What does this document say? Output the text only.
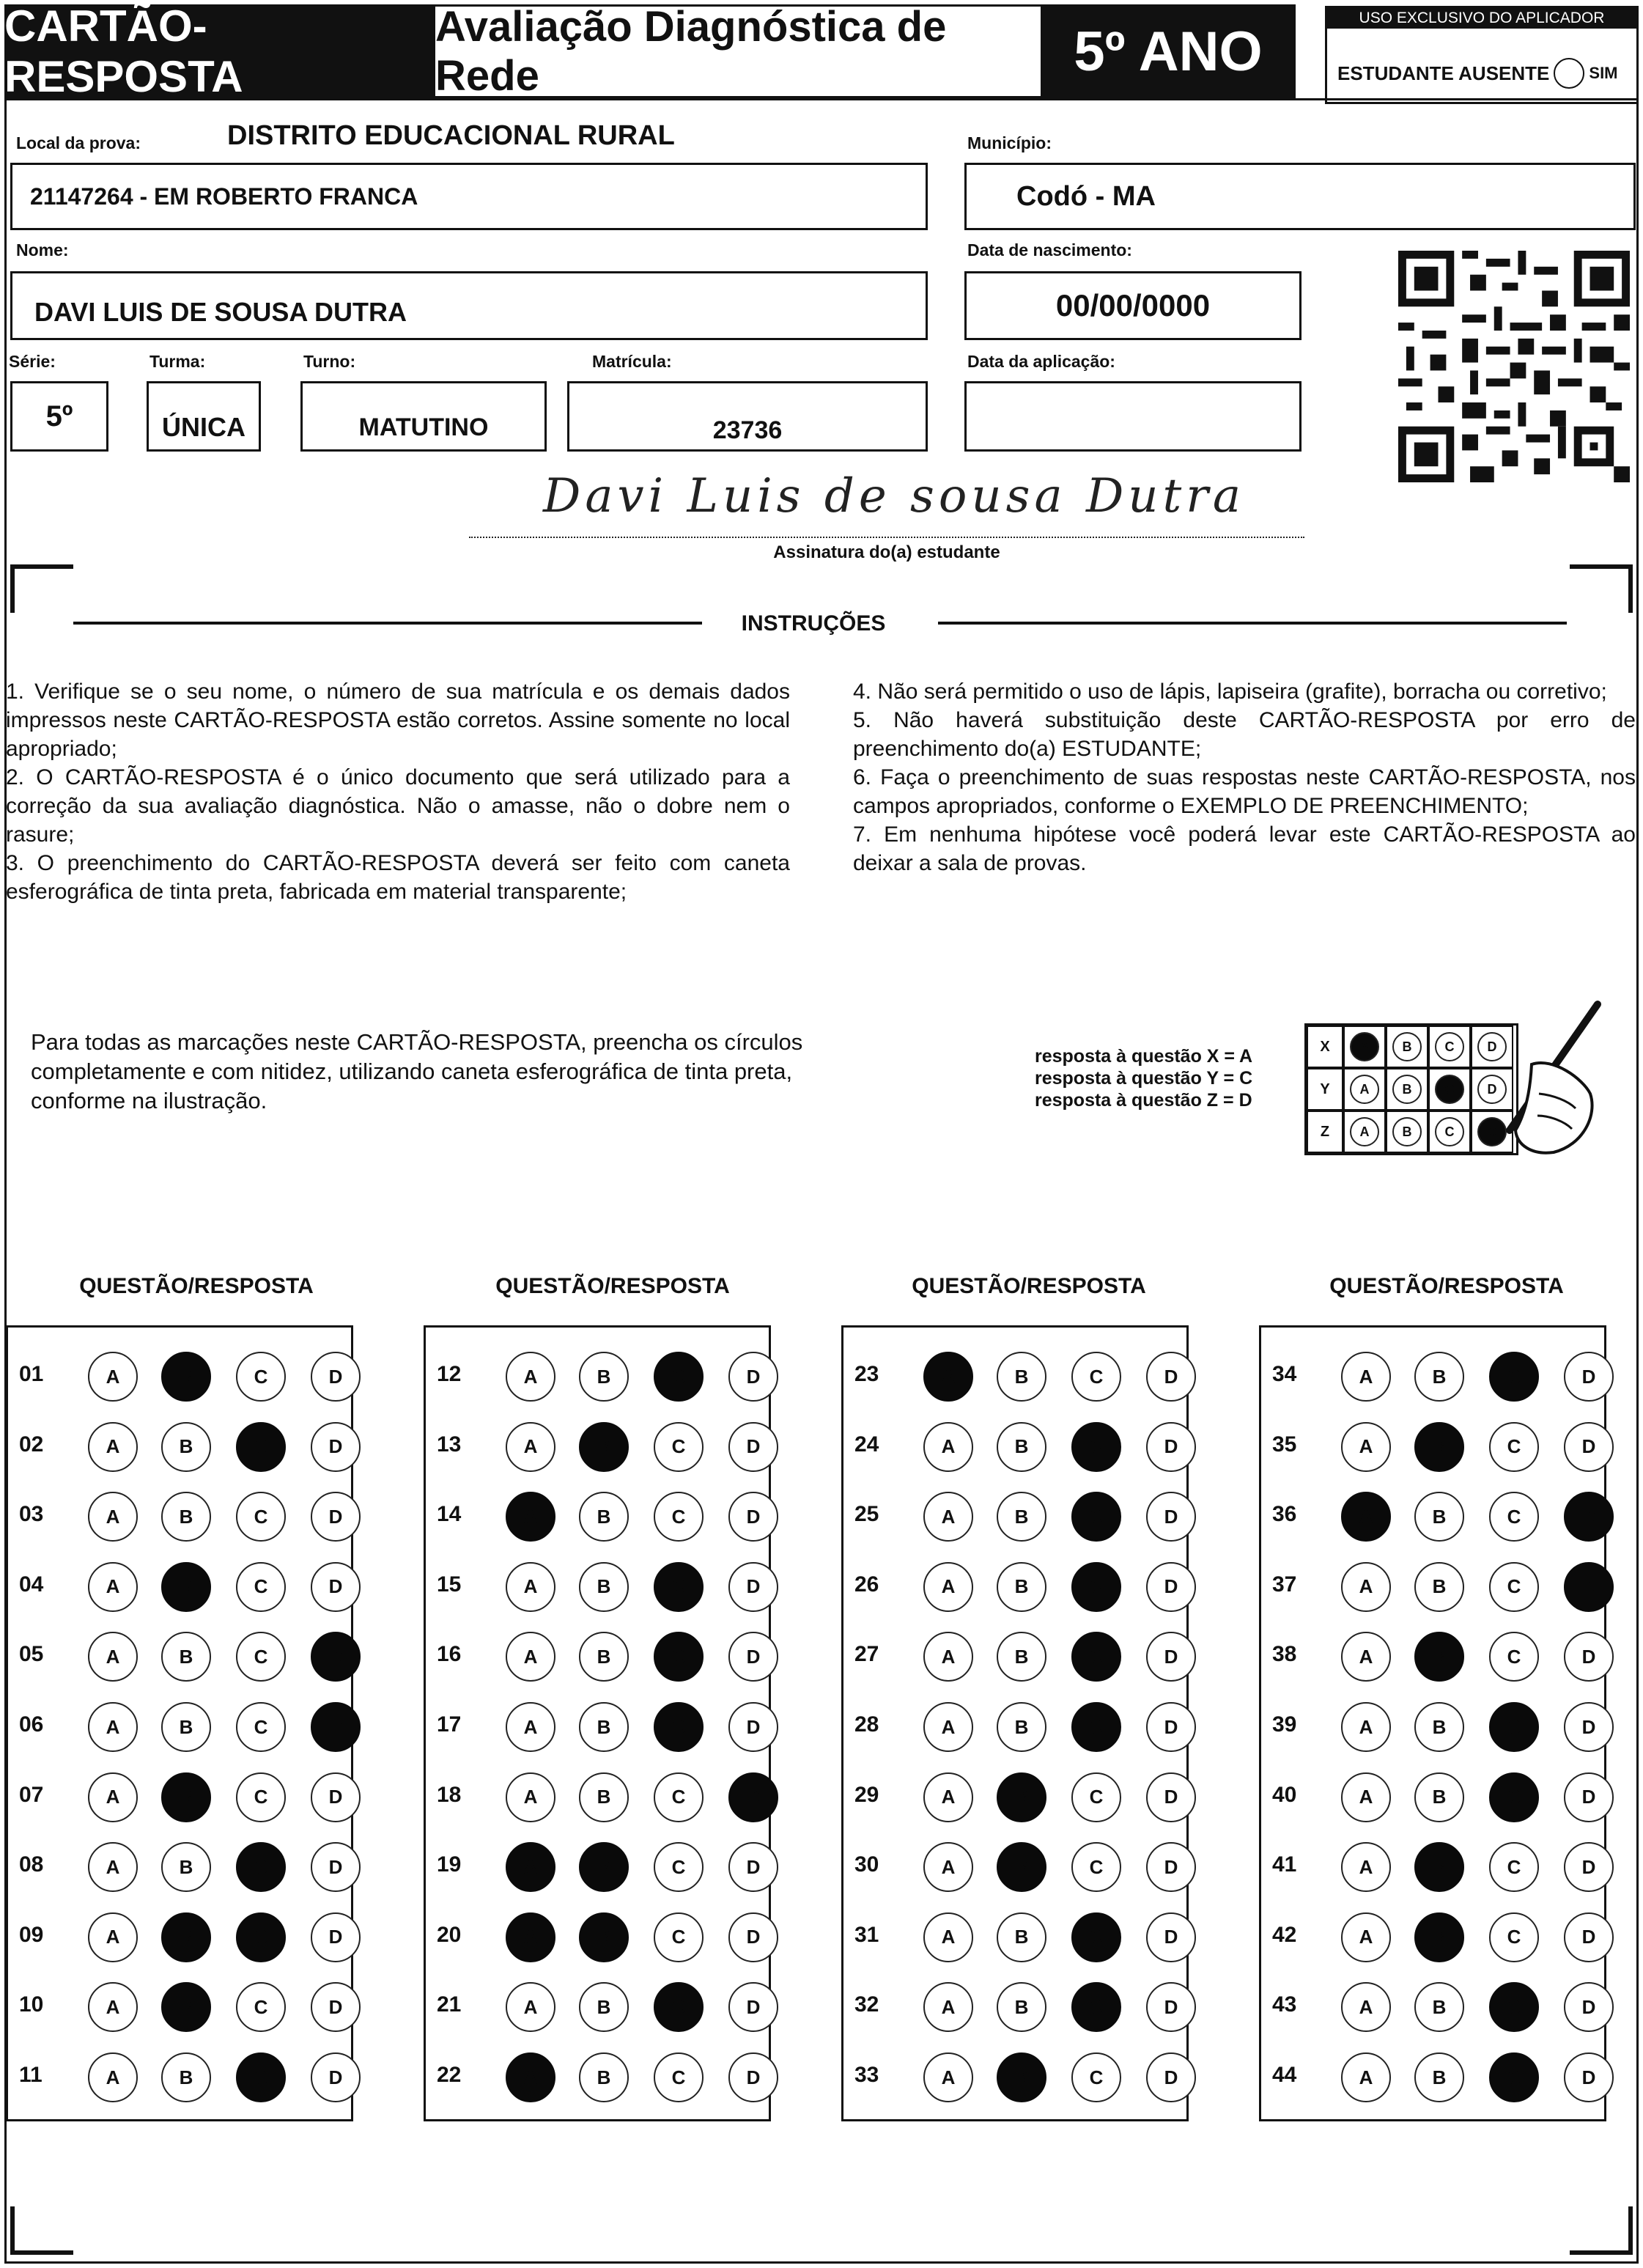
CARTÃO-RESPOSTA
Avaliação Diagnóstica de Rede	5º ANO
USO EXCLUSIVO DO APLICADOR
ESTUDANTE AUSENTE SIM
Local da prova:	DISTRITO EDUCACIONAL RURAL
21147264 - EM ROBERTO FRANCA
Município:
Codó - MA
Nome:
DAVI LUIS DE SOUSA DUTRA
Data de nascimento:
00/00/0000
Série:
5º
Turma:
ÚNICA
Turno:
MATUTINO
Matrícula:
23736
Data da aplicação:
Davi Luis de sousa Dutra
Assinatura do(a) estudante
INSTRUÇÕES

1. Verifique se o seu nome, o número de sua matrícula e os demais dados impressos neste CARTÃO-RESPOSTA estão corretos. Assine somente no local apropriado;

2. O CARTÃO-RESPOSTA é o único documento que será utilizado para a correção da sua avaliação diagnóstica. Não o amasse, não o dobre nem o rasure;

3. O preenchimento do CARTÃO-RESPOSTA deverá ser feito com caneta esferográfica de tinta preta, fabricada em material transparente;

4. Não será permitido o uso de lápis, lapiseira (grafite), borracha ou corretivo;

5. Não haverá substituição deste CARTÃO-RESPOSTA por erro de preenchimento do(a) ESTUDANTE;

6. Faça o preenchimento de suas respostas neste CARTÃO-RESPOSTA, nos campos apropriados, conforme o EXEMPLO DE PREENCHIMENTO;

7. Em nenhuma hipótese você poderá levar este CARTÃO-RESPOSTA ao deixar a sala de provas.

Para todas as marcações neste CARTÃO-RESPOSTA, preencha os círculos completamente e com nitidez, utilizando caneta esferográfica de tinta preta, conforme na ilustração.
resposta à questão X = A
resposta à questão Y = C
resposta à questão Z = D
X	A	B	C	D
Y	A	B	C	D
Z	A	B	C	D
QUESTÃO/RESPOSTA
01	A	B	C	D
02	A	B	C	D
03	A	B	C	D
04	A	B	C	D
05	A	B	C	D
06	A	B	C	D
07	A	B	C	D
08	A	B	C	D
09	A	B	C	D
10	A	B	C	D
11	A	B	C	D
QUESTÃO/RESPOSTA
12	A	B	C	D
13	A	B	C	D
14	A	B	C	D
15	A	B	C	D
16	A	B	C	D
17	A	B	C	D
18	A	B	C	D
19	A	B	C	D
20	A	B	C	D
21	A	B	C	D
22	A	B	C	D
QUESTÃO/RESPOSTA
23	A	B	C	D
24	A	B	C	D
25	A	B	C	D
26	A	B	C	D
27	A	B	C	D
28	A	B	C	D
29	A	B	C	D
30	A	B	C	D
31	A	B	C	D
32	A	B	C	D
33	A	B	C	D
QUESTÃO/RESPOSTA
34	A	B	C	D
35	A	B	C	D
36	A	B	C	D
37	A	B	C	D
38	A	B	C	D
39	A	B	C	D
40	A	B	C	D
41	A	B	C	D
42	A	B	C	D
43	A	B	C	D
44	A	B	C	D
